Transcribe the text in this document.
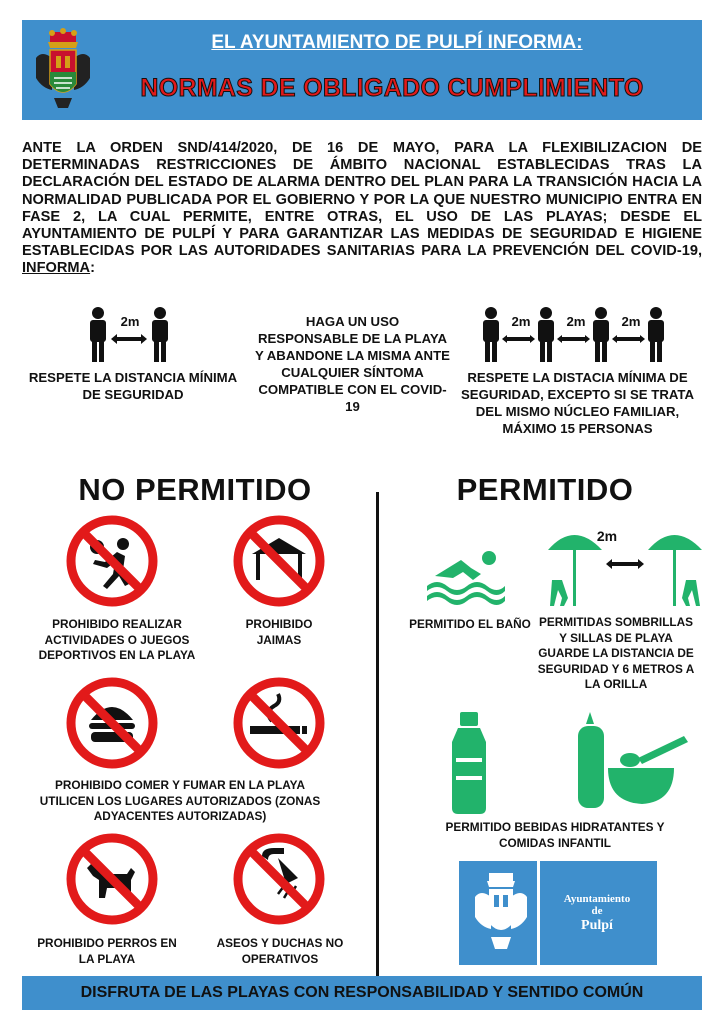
EL AYUNTAMIENTO DE PULPÍ INFORMA:
NORMAS DE OBLIGADO CUMPLIMIENTO
ANTE LA ORDEN SND/414/2020, DE 16 DE MAYO, PARA LA FLEXIBILIZACION DE DETERMINADAS RESTRICCIONES DE ÁMBITO NACIONAL ESTABLECIDAS TRAS LA DECLARACIÓN DEL ESTADO DE ALARMA DENTRO DEL PLAN PARA LA TRANSICIÓN HACIA LA NORMALIDAD PUBLICADA POR EL GOBIERNO Y POR LA QUE NUESTRO MUNICIPIO ENTRA EN FASE 2, LA CUAL PERMITE, ENTRE OTRAS, EL USO DE LAS PLAYAS; DESDE EL AYUNTAMIENTO DE PULPÍ Y PARA GARANTIZAR LAS MEDIDAS DE SEGURIDAD E HIGIENE ESTABLECIDAS POR LAS AUTORIDADES SANITARIAS PARA LA PREVENCIÓN DEL COVID-19, INFORMA:
2m
RESPETE LA DISTANCIA MÍNIMA DE SEGURIDAD
HAGA UN USO RESPONSABLE DE LA PLAYA Y ABANDONE LA MISMA ANTE CUALQUIER SÍNTOMA COMPATIBLE CON EL COVID-19
2m	2m	2m
RESPETE LA DISTACIA MÍNIMA DE SEGURIDAD, EXCEPTO SI SE TRATA DEL MISMO NÚCLEO FAMILIAR, MÁXIMO 15 PERSONAS
NO PERMITIDO	PERMITIDO
PROHIBIDO REALIZAR ACTIVIDADES O JUEGOS DEPORTIVOS EN LA PLAYA
PROHIBIDO JAIMAS
PROHIBIDO COMER Y FUMAR EN LA PLAYA UTILICEN LOS LUGARES AUTORIZADOS (ZONAS ADYACENTES AUTORIZADAS)
PROHIBIDO PERROS EN LA PLAYA
ASEOS Y DUCHAS NO OPERATIVOS
2m
PERMITIDO EL BAÑO PERMITIDAS SOMBRILLAS Y SILLAS DE PLAYA GUARDE LA DISTANCIA DE SEGURIDAD Y 6 METROS A LA ORILLA
PERMITIDO BEBIDAS HIDRATANTES Y COMIDAS INFANTIL
Ayuntamiento
de
Pulpí
DISFRUTA DE LAS PLAYAS CON RESPONSABILIDAD Y SENTIDO COMÚN
